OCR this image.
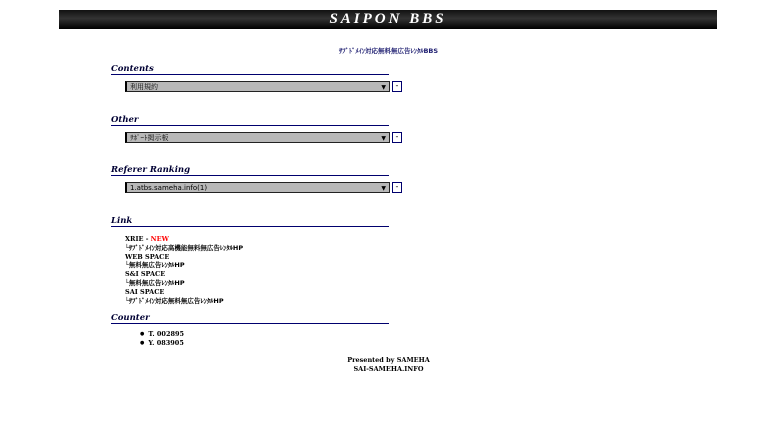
SAIPON BBS
ｻﾌﾞﾄﾞﾒｲﾝ対応無料無広告ﾚﾝﾀﾙBBS
Contents
利用規約	▼	-
Other
ｻﾎﾟｰﾄ掲示板	▼	-
Referer Ranking
1.atbs.sameha.info(1)	▼	-
Link
XRIE - NEW
└ｻﾌﾞﾄﾞﾒｲﾝ対応高機能無料無広告ﾚﾝﾀﾙHP
WEB SPACE
└無料無広告ﾚﾝﾀﾙHP
S&I SPACE
└無料無広告ﾚﾝﾀﾙHP
SAI SPACE
└ｻﾌﾞﾄﾞﾒｲﾝ対応無料無広告ﾚﾝﾀﾙHP
Counter
● T. 002895
● Y. 083905
Presented by SAMEHA
SAI-SAMEHA.INFO
